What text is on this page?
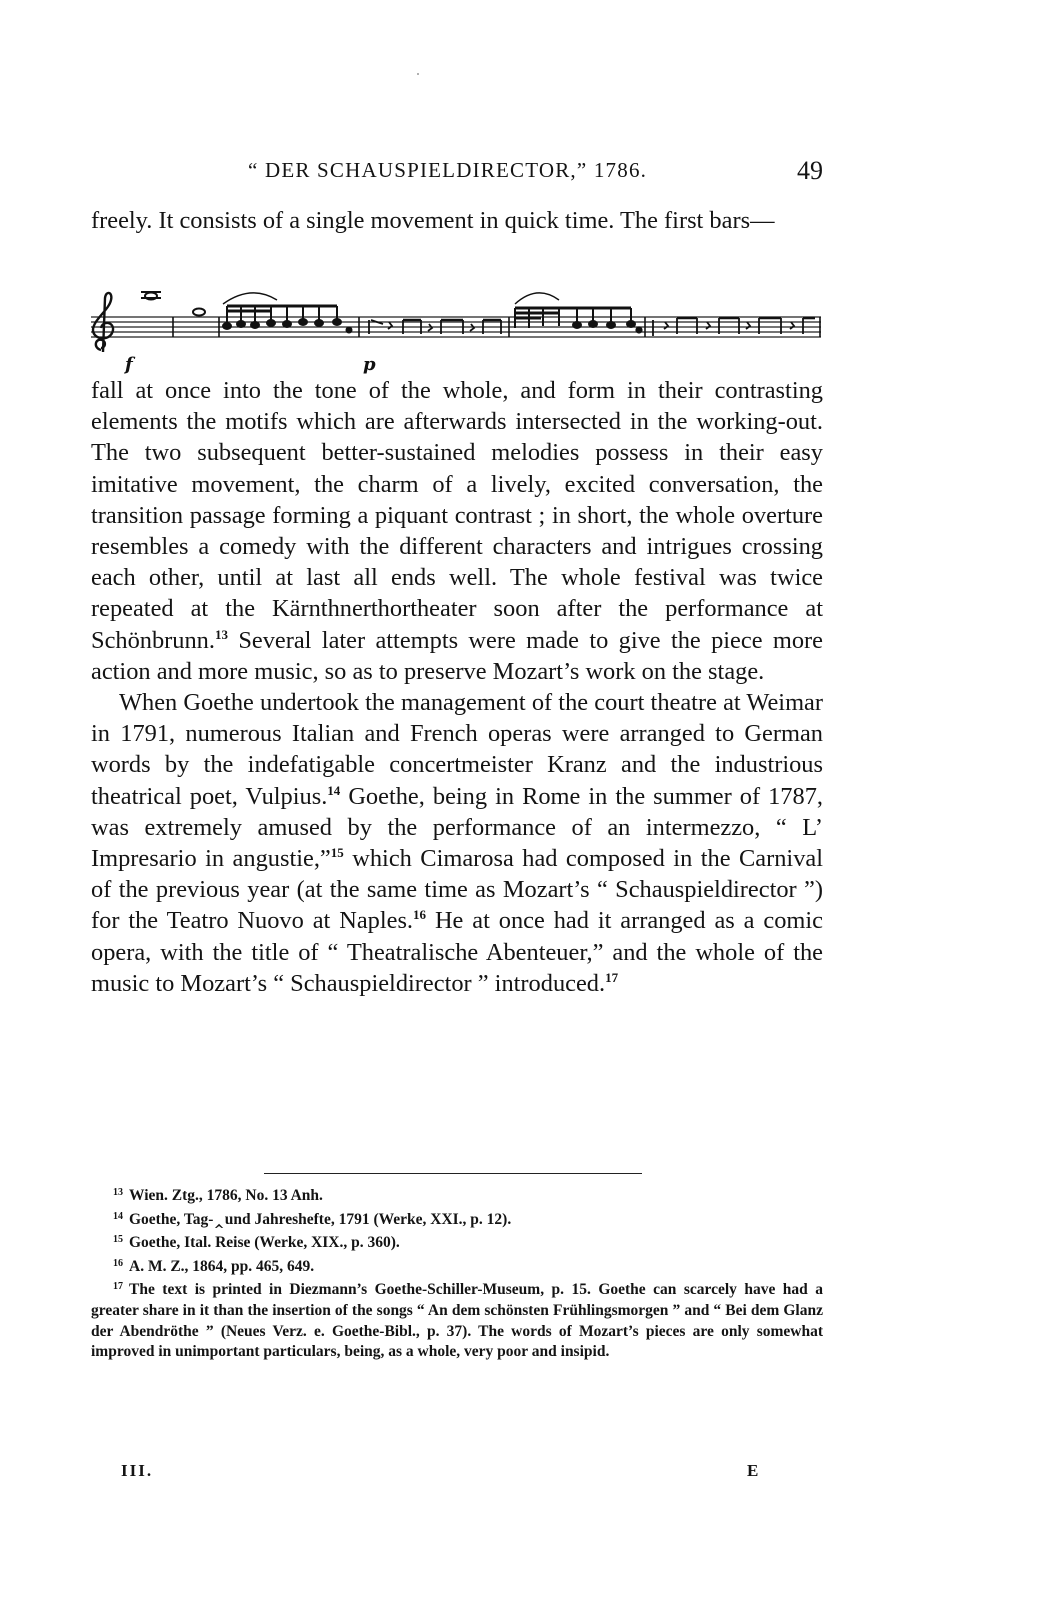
“ DER SCHAUSPIELDIRECTOR,” 1786.	49

freely. It consists of a single movement in quick time. The first bars—

f	p

fall at once into the tone of the whole, and form in their contrasting elements the motifs which are afterwards intersected in the working-out. The two subsequent better-sustained melodies possess in their easy imitative movement, the charm of a lively, excited conversation, the transition passage forming a piquant contrast ; in short, the whole overture resembles a comedy with the different characters and intrigues crossing each other, until at last all ends well. The whole festival was twice repeated at the Kärnthnerthortheater soon after the performance at Schönbrunn.$^{13}$ Several later attempts were made to give the piece more action and more music, so as to preserve Mozart’s work on the stage.

When Goethe undertook the management of the court theatre at Weimar in 1791, numerous Italian and French operas were arranged to German words by the indefatigable concertmeister Kranz and the industrious theatrical poet, Vulpius.$^{14}$ Goethe, being in Rome in the summer of 1787, was extremely amused by the performance of an intermezzo, “ L’ Impresario in angustie,”$^{15}$ which Cimarosa had composed in the Carnival of the previous year (at the same time as Mozart’s “ Schauspieldirector ”) for the Teatro Nuovo at Naples.$^{16}$ He at once had it arranged as a comic opera, with the title of “ Theatralische Abenteuer,” and the whole of the music to Mozart’s “ Schauspieldirector ” introduced.$^{17}$

$^{13}$ Wien. Ztg., 1786, No. 13 Anh.
$^{14}$ Goethe, Tag-‸und Jahreshefte, 1791 (Werke, XXI., p. 12).
$^{15}$ Goethe, Ital. Reise (Werke, XIX., p. 360).
$^{16}$ A. M. Z., 1864, pp. 465, 649.
$^{17}$ The text is printed in Diezmann’s Goethe-Schiller-Museum, p. 15. Goethe can scarcely have had a greater share in it than the insertion of the songs “ An dem schönsten Frühlingsmorgen ” and “ Bei dem Glanz der Abendröthe ” (Neues Verz. e. Goethe-Bibl., p. 37). The words of Mozart’s pieces are only somewhat improved in unimportant particulars, being, as a whole, very poor and insipid.
III.	E
